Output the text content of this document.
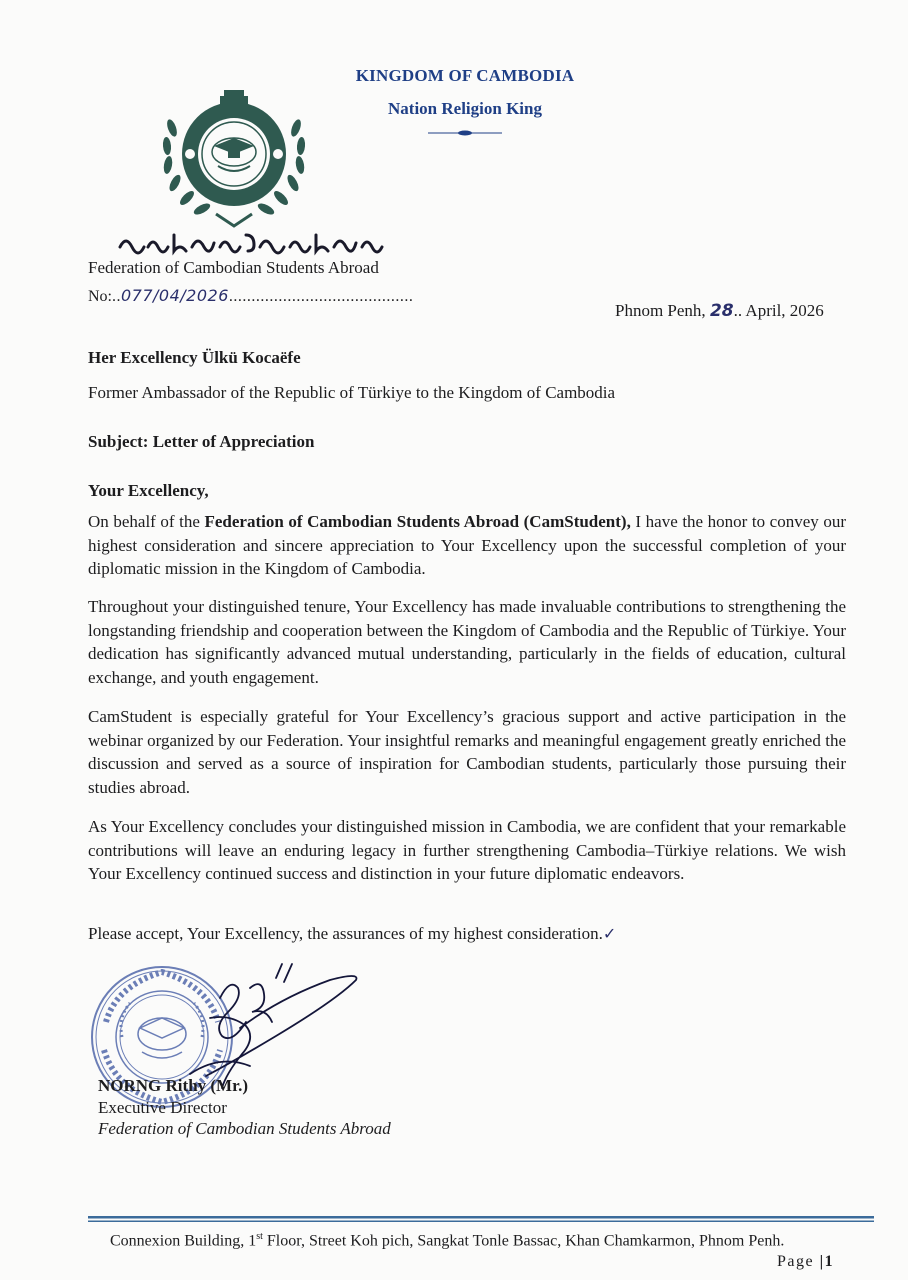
KINGDOM OF CAMBODIA
Nation Religion King
Federation of Cambodian Students Abroad
No:..077/04/2026.........................................
Phnom Penh, 28.. April, 2026
Her Excellency Ülkü Kocaëfe
Former Ambassador of the Republic of Türkiye to the Kingdom of Cambodia
Subject: Letter of Appreciation
Your Excellency,

On behalf of the Federation of Cambodian Students Abroad (CamStudent), I have the honor to convey our highest consideration and sincere appreciation to Your Excellency upon the successful completion of your diplomatic mission in the Kingdom of Cambodia.

Throughout your distinguished tenure, Your Excellency has made invaluable contributions to strengthening the longstanding friendship and cooperation between the Kingdom of Cambodia and the Republic of Türkiye. Your dedication has significantly advanced mutual understanding, particularly in the fields of education, cultural exchange, and youth engagement.

CamStudent is especially grateful for Your Excellency’s gracious support and active participation in the webinar organized by our Federation. Your insightful remarks and meaningful engagement greatly enriched the discussion and served as a source of inspiration for Cambodian students, particularly those pursuing their studies abroad.

As Your Excellency concludes your distinguished mission in Cambodia, we are confident that your remarkable contributions will leave an enduring legacy in further strengthening Cambodia–Türkiye relations. We wish Your Excellency continued success and distinction in your future diplomatic endeavors.

Please accept, Your Excellency, the assurances of my highest consideration.✓
NORNG Rithy (Mr.)
Executive Director
Federation of Cambodian Students Abroad
Connexion Building, 1st Floor, Street Koh pich, Sangkat Tonle Bassac, Khan Chamkarmon, Phnom Penh.
Page |1
